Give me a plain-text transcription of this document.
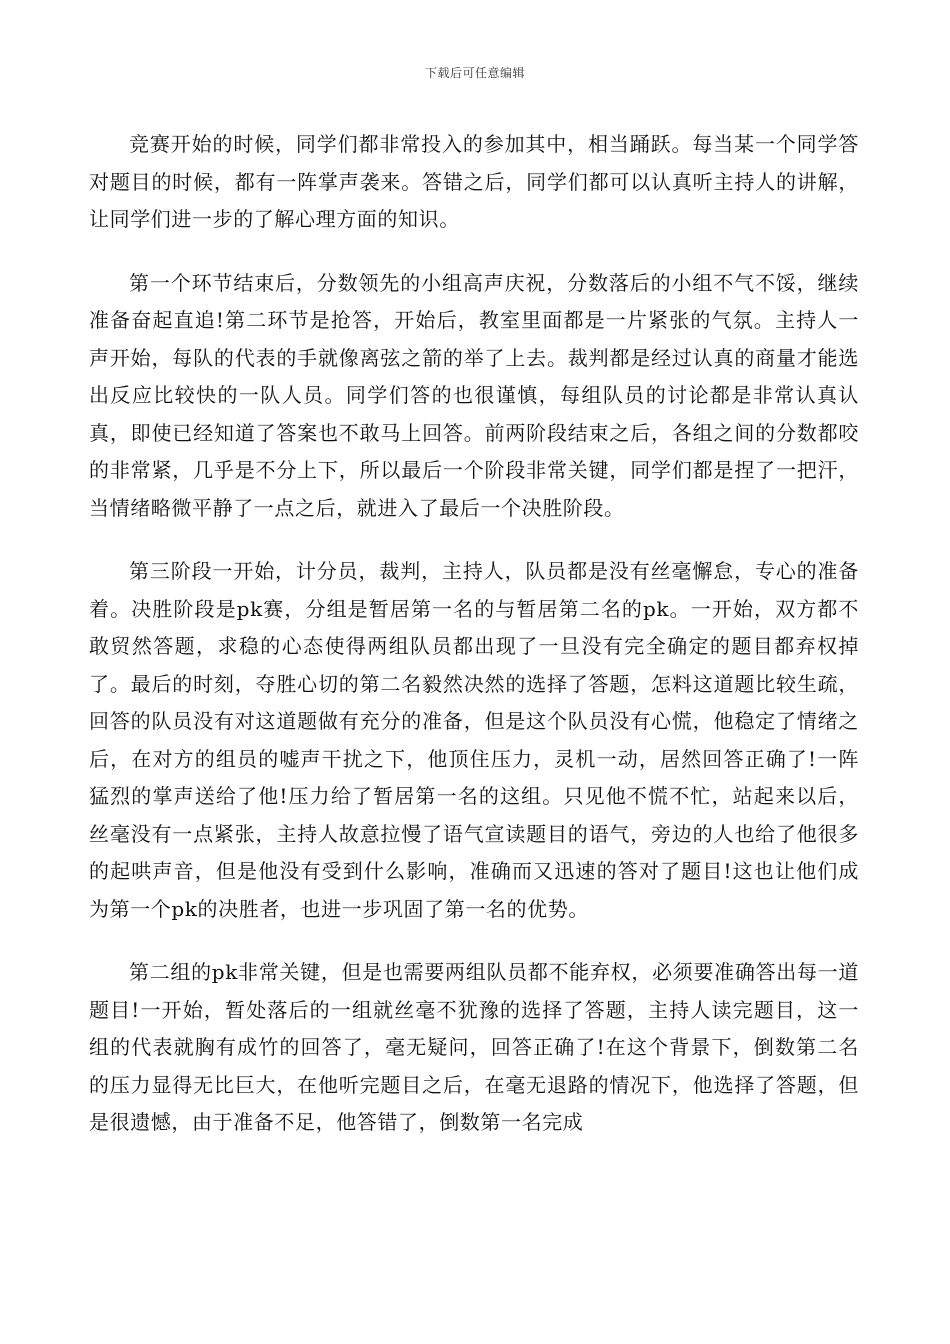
下载后可任意编辑

竞赛开始的时候，同学们都非常投入的参加其中，相当踊跃。每当某一个同学答对题目的时候，都有一阵掌声袭来。答错之后，同学们都可以认真听主持人的讲解，让同学们进一步的了解心理方面的知识。

第一个环节结束后，分数领先的小组高声庆祝，分数落后的小组不气不馁，继续准备奋起直追!第二环节是抢答，开始后，教室里面都是一片紧张的气氛。主持人一声开始，每队的代表的手就像离弦之箭的举了上去。裁判都是经过认真的商量才能选出反应比较快的一队人员。同学们答的也很谨慎，每组队员的讨论都是非常认真认真，即使已经知道了答案也不敢马上回答。前两阶段结束之后，各组之间的分数都咬的非常紧，几乎是不分上下，所以最后一个阶段非常关键，同学们都是捏了一把汗，当情绪略微平静了一点之后，就进入了最后一个决胜阶段。

第三阶段一开始，计分员，裁判，主持人，队员都是没有丝毫懈怠，专心的准备着。决胜阶段是pk赛，分组是暂居第一名的与暂居第二名的pk。一开始，双方都不敢贸然答题，求稳的心态使得两组队员都出现了一旦没有完全确定的题目都弃权掉了。最后的时刻，夺胜心切的第二名毅然决然的选择了答题，怎料这道题比较生疏，回答的队员没有对这道题做有充分的准备，但是这个队员没有心慌，他稳定了情绪之后，在对方的组员的嘘声干扰之下，他顶住压力，灵机一动，居然回答正确了!一阵猛烈的掌声送给了他!压力给了暂居第一名的这组。只见他不慌不忙，站起来以后，丝毫没有一点紧张，主持人故意拉慢了语气宣读题目的语气，旁边的人也给了他很多的起哄声音，但是他没有受到什么影响，准确而又迅速的答对了题目!这也让他们成为第一个pk的决胜者，也进一步巩固了第一名的优势。

第二组的pk非常关键，但是也需要两组队员都不能弃权，必须要准确答出每一道题目!一开始，暂处落后的一组就丝毫不犹豫的选择了答题，主持人读完题目，这一组的代表就胸有成竹的回答了，毫无疑问，回答正确了!在这个背景下，倒数第二名的压力显得无比巨大，在他听完题目之后，在毫无退路的情况下，他选择了答题，但是很遗憾，由于准备不足，他答错了，倒数第一名完成
